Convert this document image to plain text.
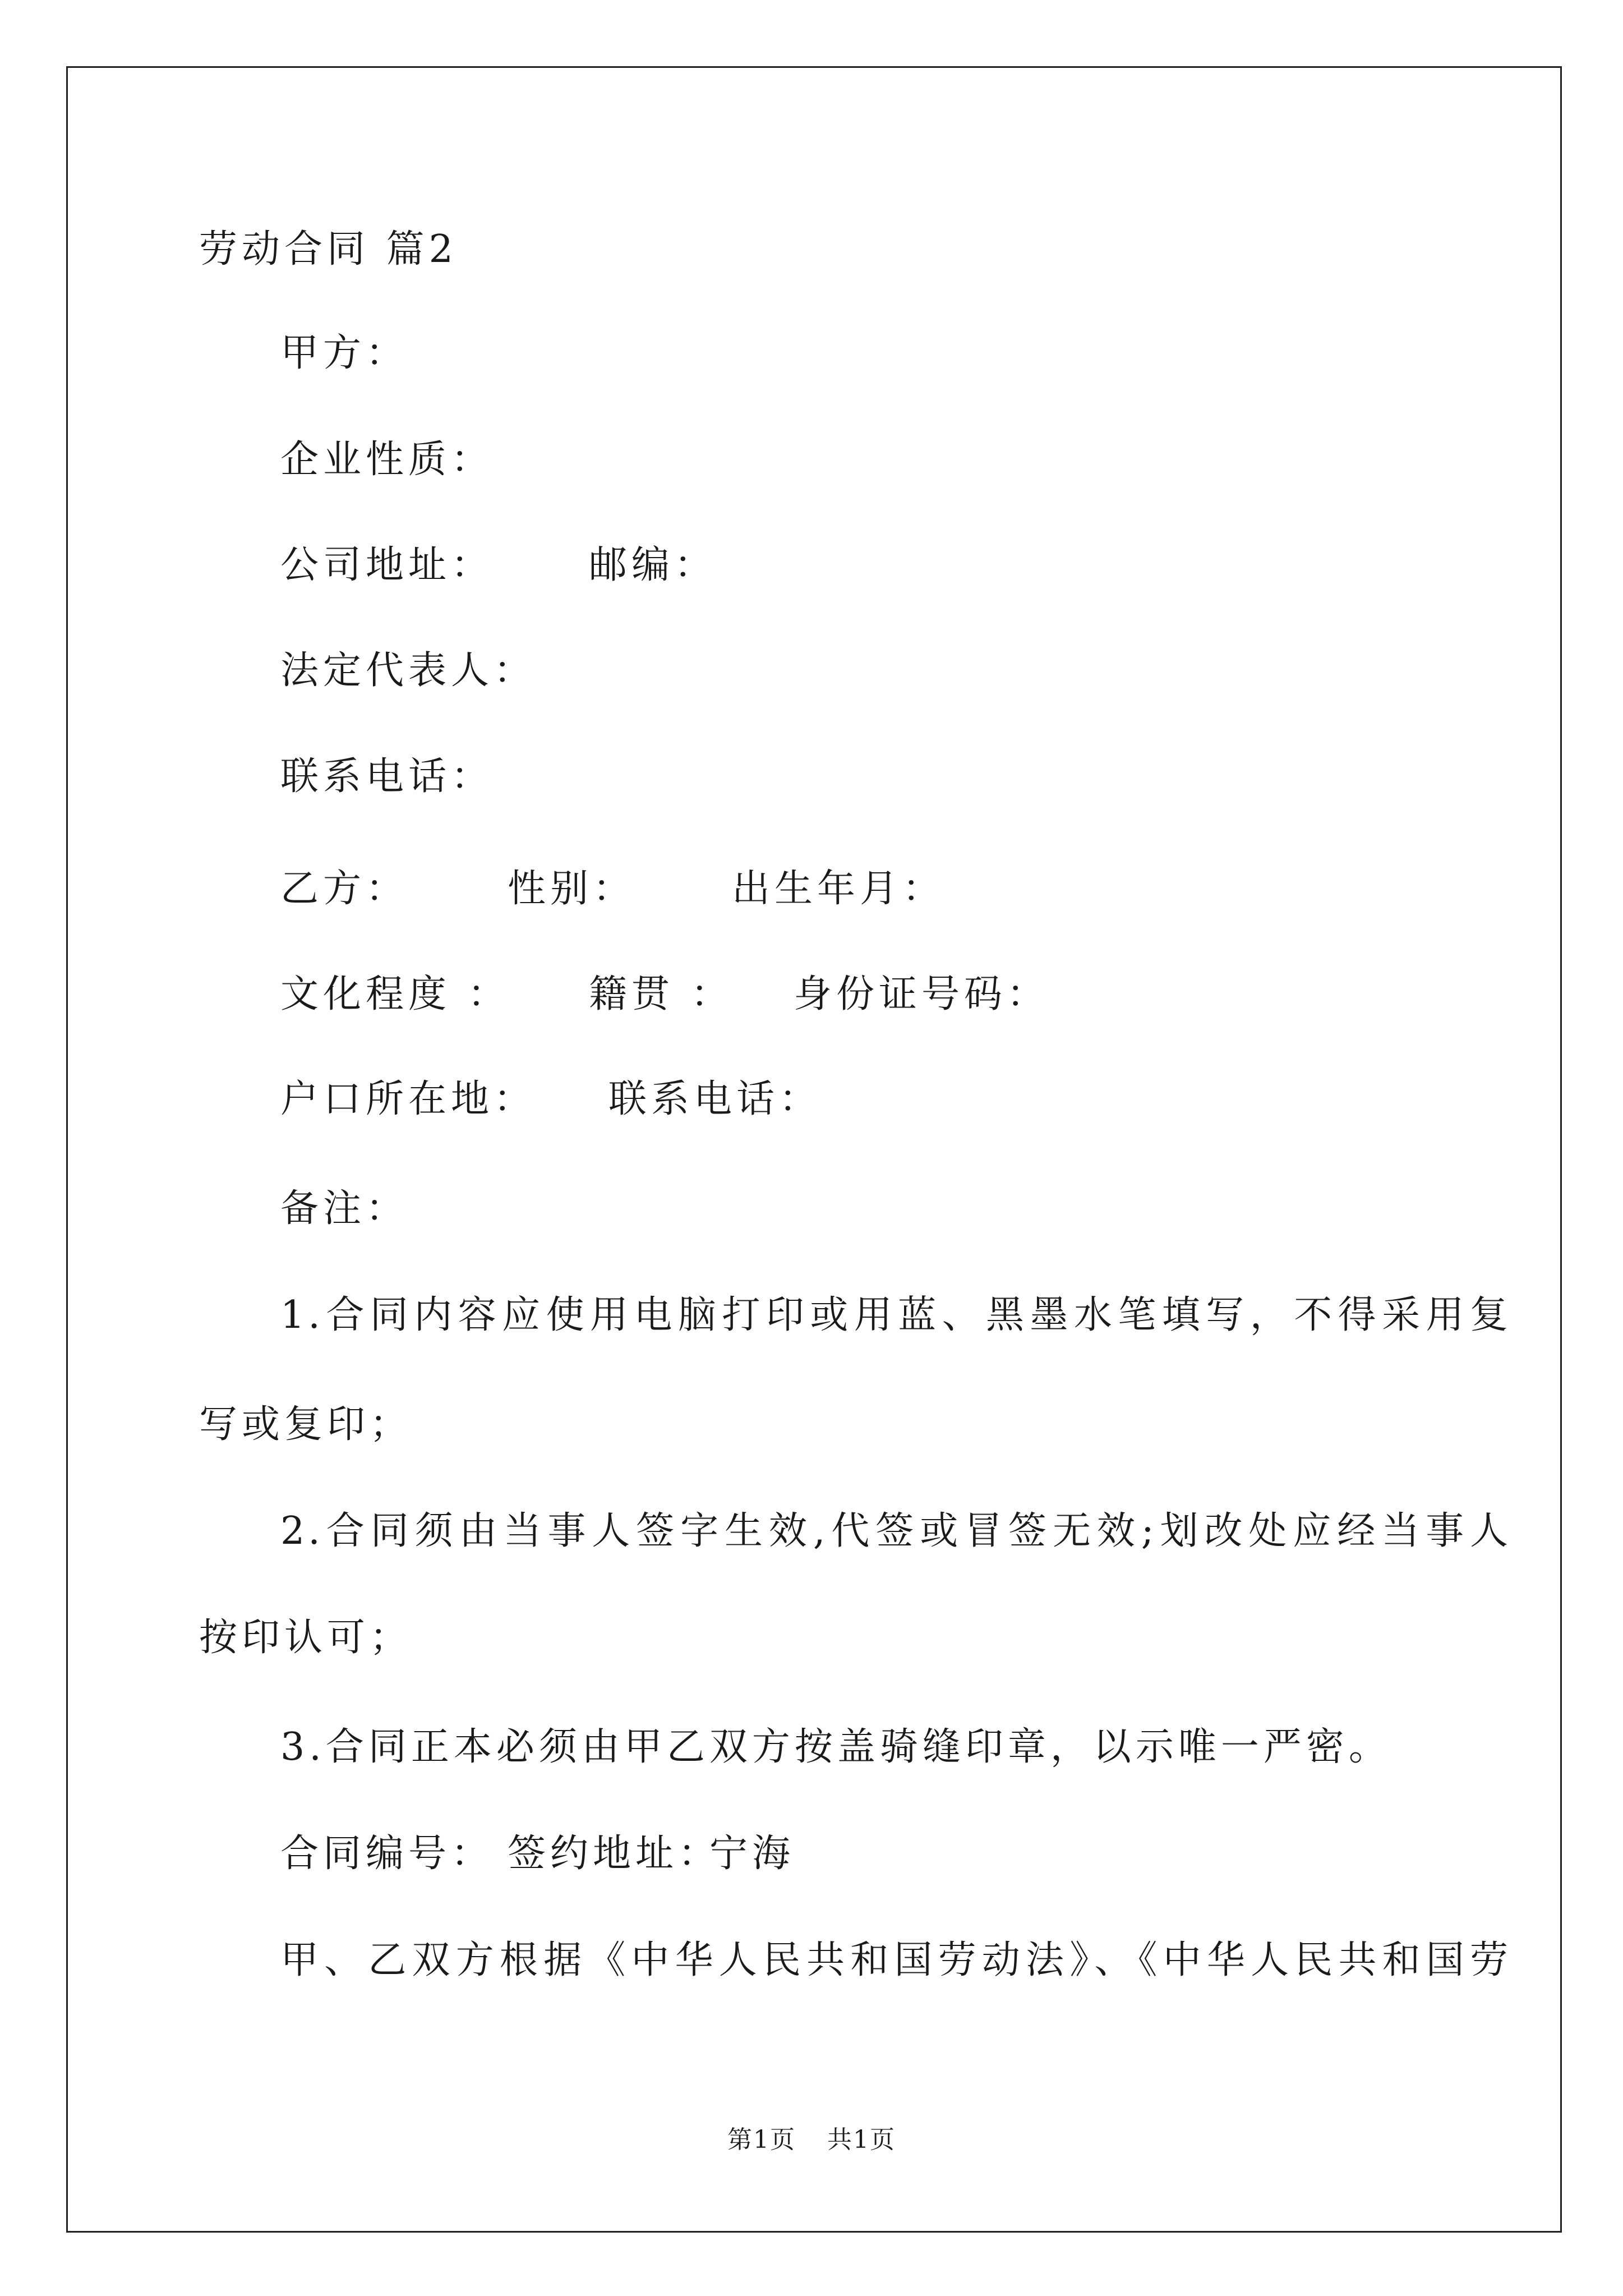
劳动合同 篇2
甲方：
企业性质：
公司地址： 邮编：
法定代表人：
联系电话：
乙方：	性别：	出生年月：
文化程度 ： 籍贯 ： 身份证号码：
户口所在地： 联系电话：
备注：
1.合同内容应使用电脑打印或用蓝、黑墨水笔填写，不得采用复
写或复印；
2.合同须由当事人签字生效,代签或冒签无效;划改处应经当事人
按印认可；
3.合同正本必须由甲乙双方按盖骑缝印章，以示唯一严密。
合同编号： 签约地址：
宁海
甲、乙双方根据《中华人民共和国劳动法》、《中华人民共和国劳
第1页 共1页
